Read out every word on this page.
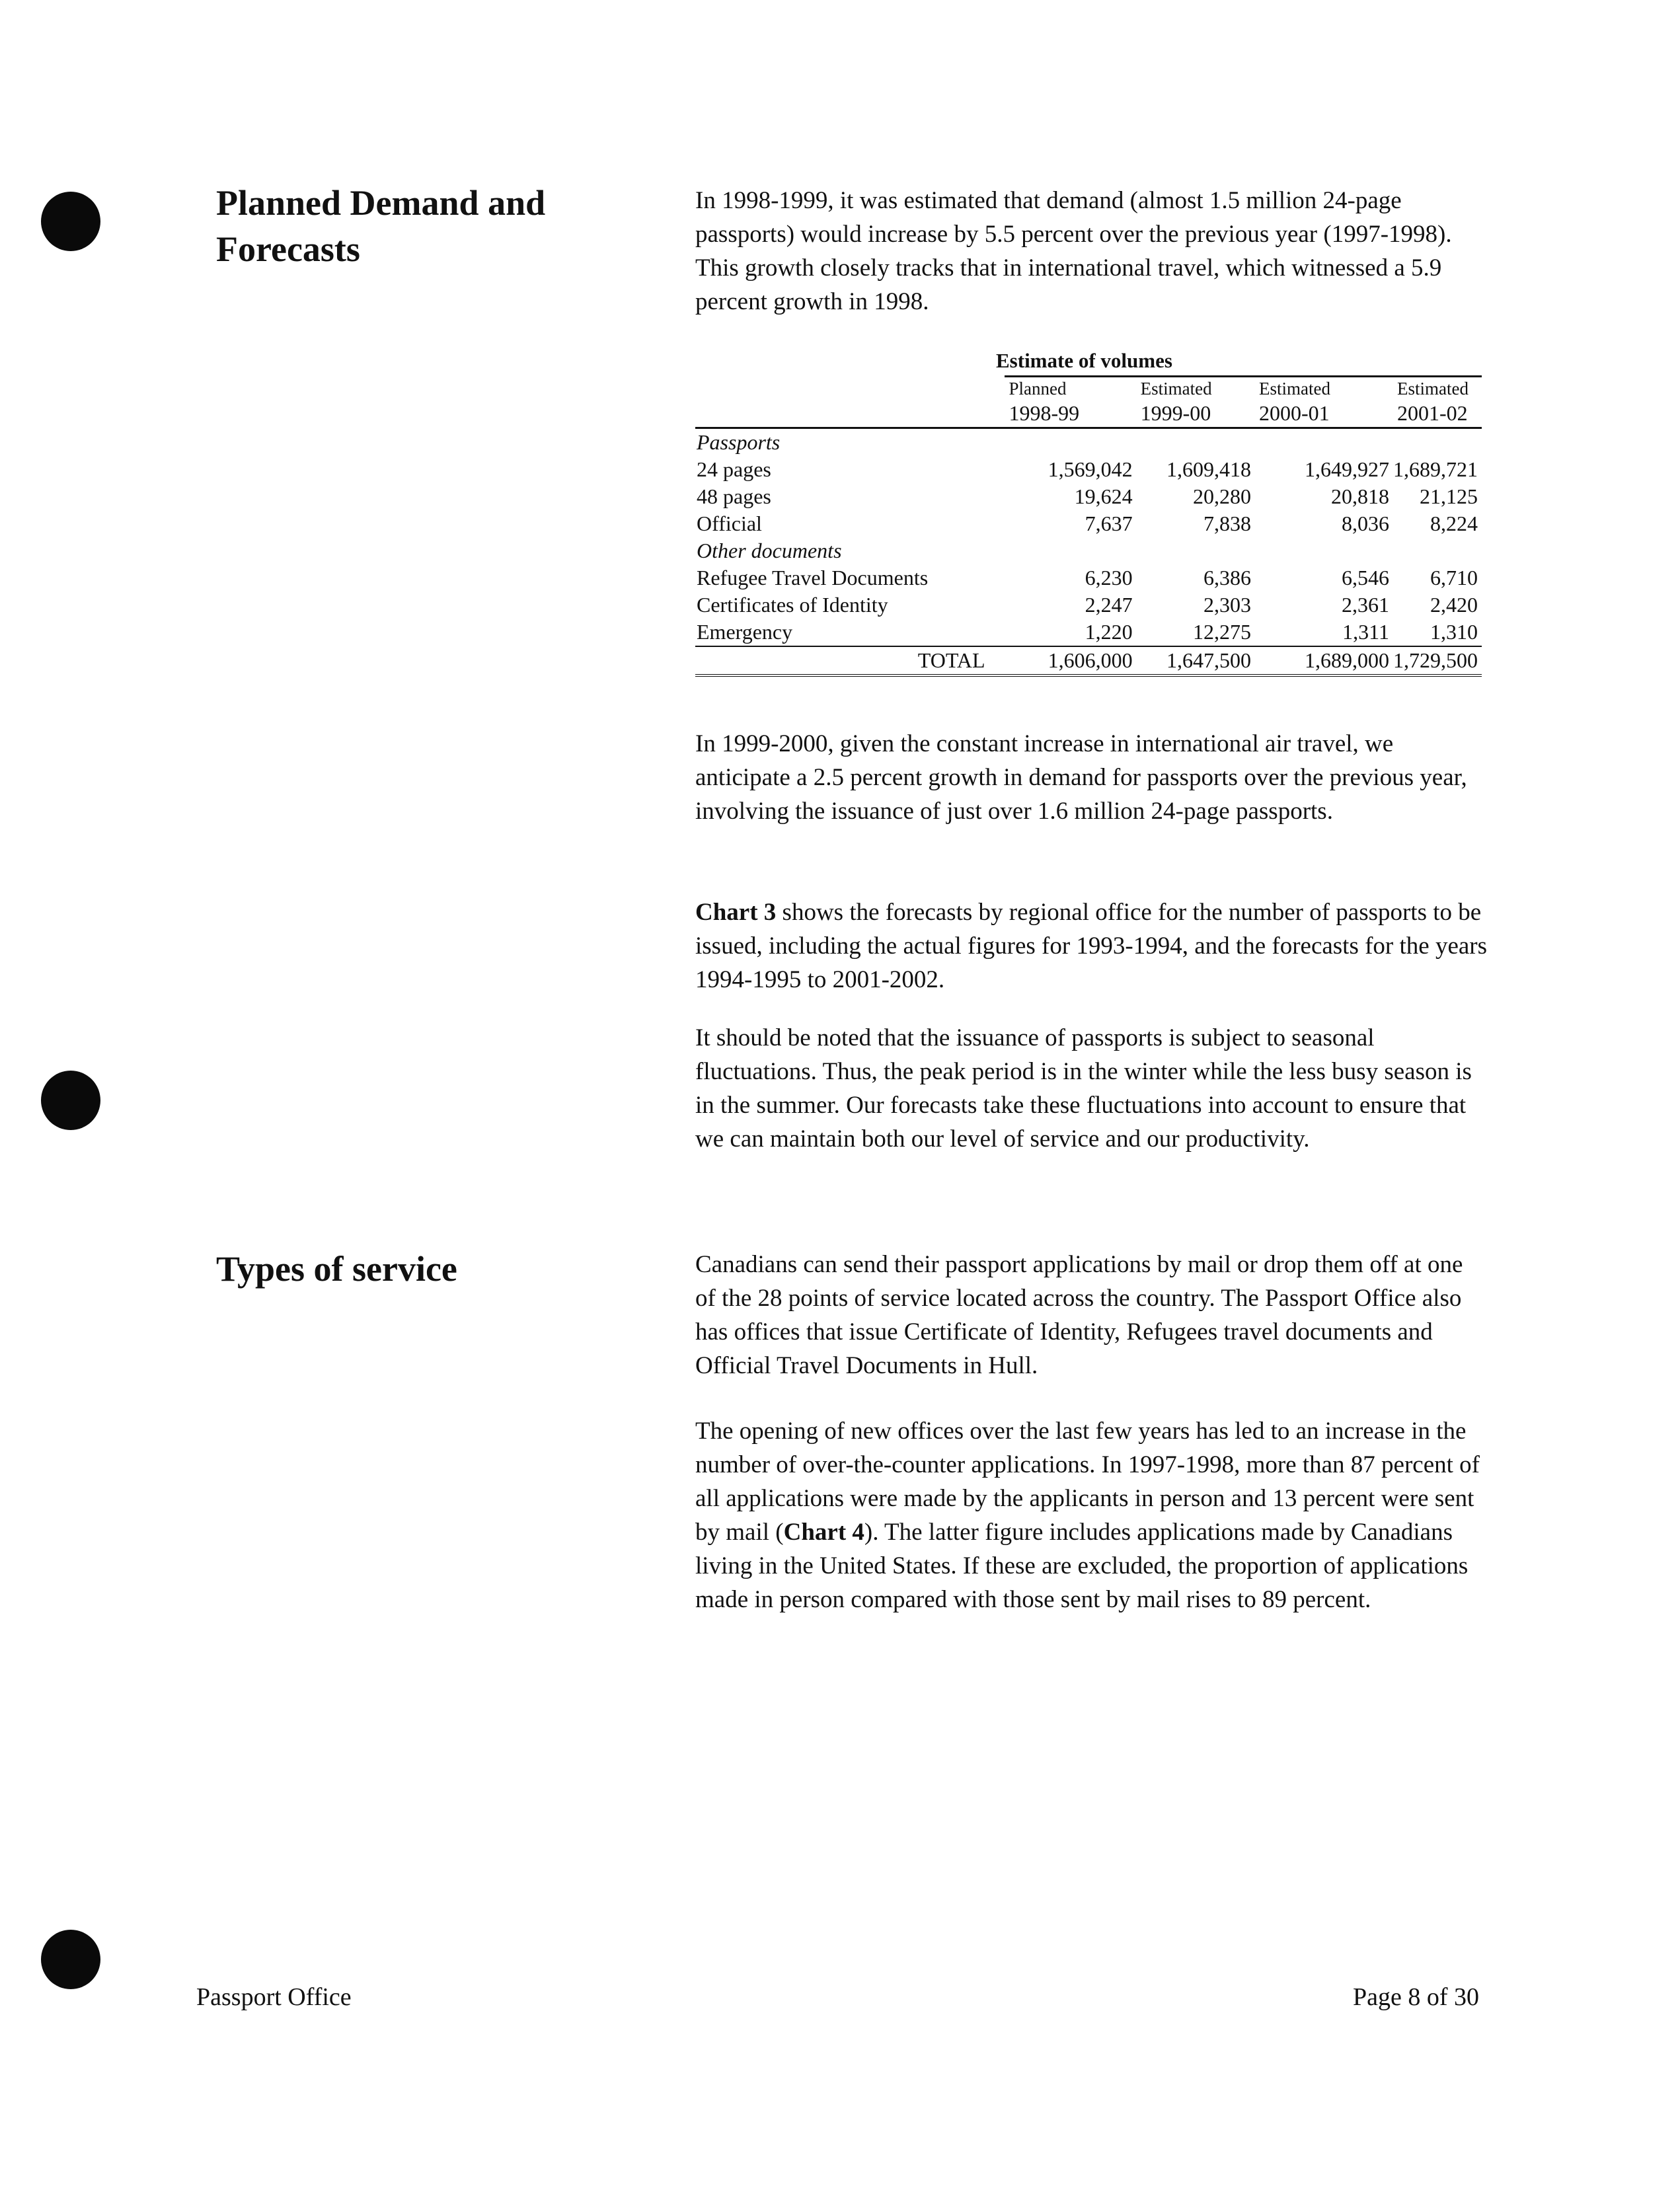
Planned Demand and
Forecasts

In 1998-1999, it was estimated that demand (almost 1.5 million 24-page passports) would increase by 5.5 percent over the previous year (1997-1998). This growth closely tracks that in international travel, which witnessed a 5.9 percent growth in 1998.

Estimate of volumes
	Planned	Estimated	Estimated	Estimated
	1998-99	1999-00	2000-01	2001-02
Passports				
24 pages	1,569,042	1,609,418	1,649,927	1,689,721
48 pages	19,624	20,280	20,818	21,125
Official	7,637	7,838	8,036	8,224
Other documents				
Refugee Travel Documents	6,230	6,386	6,546	6,710
Certificates of Identity	2,247	2,303	2,361	2,420
Emergency	1,220	12,275	1,311	1,310
TOTAL	1,606,000	1,647,500	1,689,000	1,729,500

In 1999-2000, given the constant increase in international air travel, we anticipate a 2.5 percent growth in demand for passports over the previous year, involving the issuance of just over 1.6 million 24-page passports.

Chart 3 shows the forecasts by regional office for the number of passports to be issued, including the actual figures for 1993-1994, and the forecasts for the years 1994-1995 to 2001-2002.

It should be noted that the issuance of passports is subject to seasonal fluctuations. Thus, the peak period is in the winter while the less busy season is in the summer. Our forecasts take these fluctuations into account to ensure that we can maintain both our level of service and our productivity.

Types of service	Canadians can send their passport applications by mail or drop them off at one of the 28 points of service located across the country. The Passport Office also has offices that issue Certificate of Identity, Refugees travel documents and Official Travel Documents in Hull.

The opening of new offices over the last few years has led to an increase in the number of over-the-counter applications. In 1997-1998, more than 87 percent of all applications were made by the applicants in person and 13 percent were sent by mail (Chart 4). The latter figure includes applications made by Canadians living in the United States. If these are excluded, the proportion of applications made in person compared with those sent by mail rises to 89 percent.

Passport Office	Page 8 of 30
